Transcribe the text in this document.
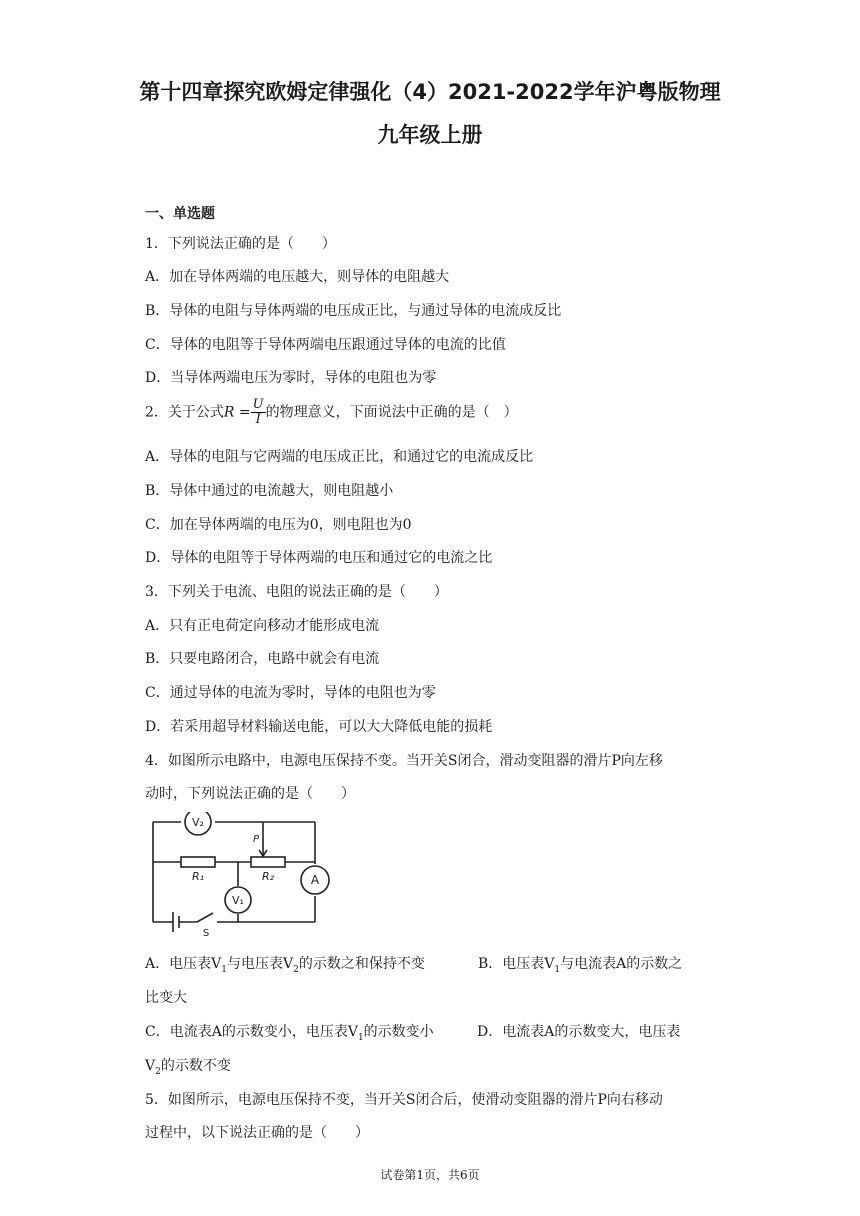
第十四章探究欧姆定律强化（4）2021-2022学年沪粤版物理
九年级上册
一、单选题
1．下列说法正确的是（　　）
A．加在导体两端的电压越大，则导体的电阻越大
B．导体的电阻与导体两端的电压成正比，与通过导体的电流成反比
C．导体的电阻等于导体两端电压跟通过导体的电流的比值
D．当导体两端电压为零时，导体的电阻也为零
2．关于公式$R = \frac{U}{I}$ 的物理意义，下面说法中正确的是（　）
A．导体的电阻与它两端的电压成正比，和通过它的电流成反比
B．导体中通过的电流越大，则电阻越小
C．加在导体两端的电压为0，则电阻也为0
D．导体的电阻等于导体两端的电压和通过它的电流之比
3．下列关于电流、电阻的说法正确的是（　　）
A．只有正电荷定向移动才能形成电流
B．只要电路闭合，电路中就会有电流
C．通过导体的电流为零时，导体的电阻也为零
D．若采用超导材料输送电能，可以大大降低电能的损耗
4．如图所示电路中，电源电压保持不变。当开关S闭合，滑动变阻器的滑片P向左移
动时，下列说法正确的是（　　）
V₂
V₁
A
R₁	R₂
P
S
A．电压表$V_1$与电压表$V_2$的示数之和保持不变	B．电压表$V_1$与电流表A的示数之
比变大
C．电流表A的示数变小，电压表$V_1$的示数变小	D．电流表A的示数变大，电压表
$V_2$的示数不变
5．如图所示，电源电压保持不变，当开关S闭合后，使滑动变阻器的滑片P向右移动
过程中，以下说法正确的是（　　）
试卷第1页，共6页
